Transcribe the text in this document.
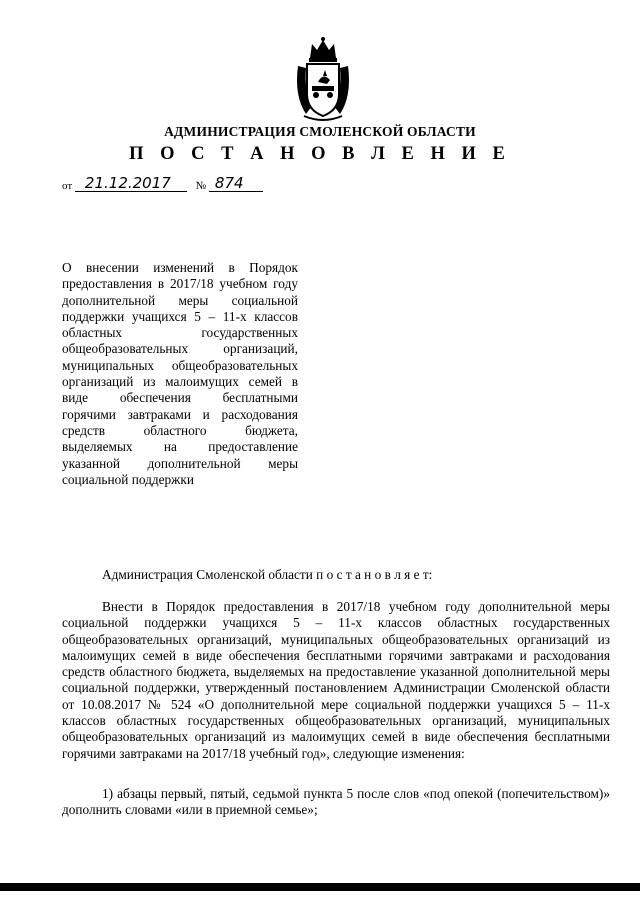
АДМИНИСТРАЦИЯ СМОЛЕНСКОЙ ОБЛАСТИ
П О С Т А Н О В Л Е Н И Е
от 21.12.2017 № 874
О внесении изменений в Порядок предоставления в 2017/18 учебном году дополнительной меры социальной поддержки учащихся 5 – 11-х классов областных государственных общеобразовательных организаций, муниципальных общеобразовательных организаций из малоимущих семей в виде обеспечения бесплатными горячими завтраками и расходования средств областного бюджета, выделяемых на предоставление указанной дополнительной меры социальной поддержки
Администрация Смоленской области п о с т а н о в л я е т:
Внести в Порядок предоставления в 2017/18 учебном году дополнительной меры социальной поддержки учащихся 5 – 11-х классов областных государственных общеобразовательных организаций, муниципальных общеобразовательных организаций из малоимущих семей в виде обеспечения бесплатными горячими завтраками и расходования средств областного бюджета, выделяемых на предоставление указанной дополнительной меры социальной поддержки, утвержденный постановлением Администрации Смоленской области от 10.08.2017 № 524 «О дополнительной мере социальной поддержки учащихся 5 – 11-х классов областных государственных общеобразовательных организаций, муниципальных общеобразовательных организаций из малоимущих семей в виде обеспечения бесплатными горячими завтраками на 2017/18 учебный год», следующие изменения:
1) абзацы первый, пятый, седьмой пункта 5 после слов «под опекой (попечительством)» дополнить словами «или в приемной семье»;
